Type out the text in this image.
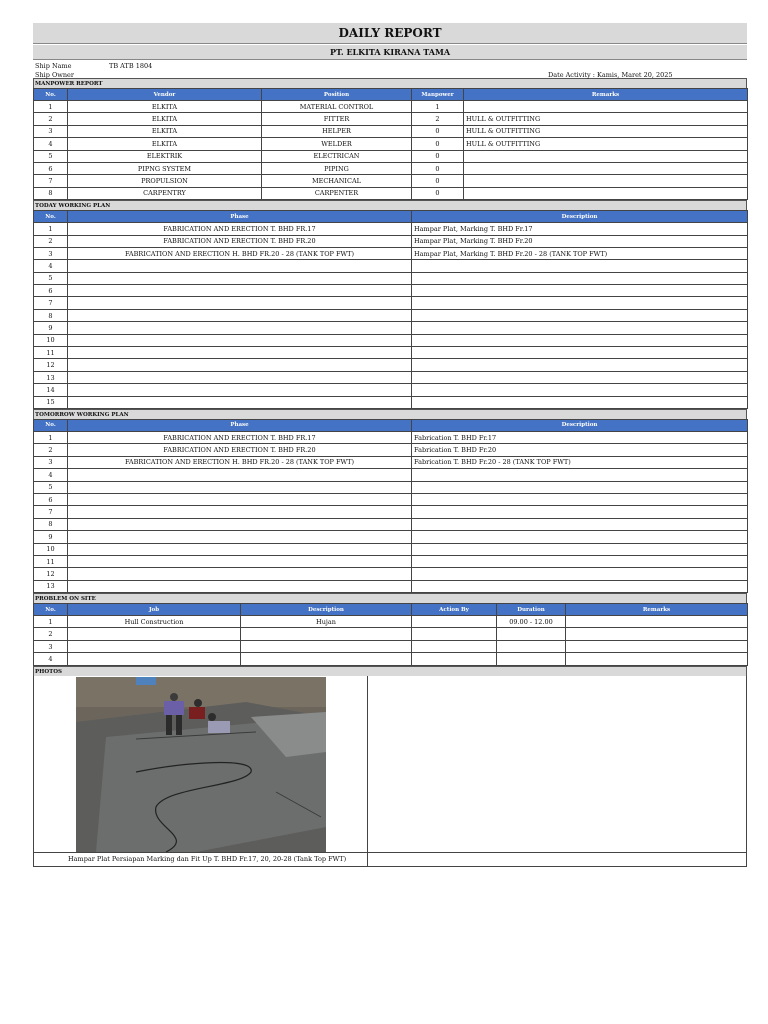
DAILY REPORT
PT. ELKITA KIRANA TAMA
Ship Name	TB ATB 1804
Ship Owner	Date Activity : Kamis, Maret 20, 2025
MANPOWER REPORT
No.	Vendor	Position	Manpower	Remarks
1	ELKITA	MATERIAL CONTROL	1	
2	ELKITA	FITTER	2	HULL & OUTFITTING
3	ELKITA	HELPER	0	HULL & OUTFITTING
4	ELKITA	WELDER	0	HULL & OUTFITTING
5	ELEKTRIK	ELECTRICAN	0	
6	PIPNG SYSTEM	PIPING	0	
7	PROPULSION	MECHANICAL	0	
8	CARPENTRY	CARPENTER	0	
TODAY WORKING PLAN
No.	Phase	Description
1	FABRICATION AND ERECTION T. BHD FR.17	Hampar Plat, Marking T. BHD Fr.17
2	FABRICATION AND ERECTION T. BHD FR.20	Hampar Plat, Marking T. BHD Fr.20
3	FABRICATION AND ERECTION H. BHD FR.20 - 28 (TANK TOP FWT)	Hampar Plat, Marking T. BHD Fr.20 - 28 (TANK TOP FWT)
4		
5		
6		
7		
8		
9		
10		
11		
12		
13		
14		
15		
TOMORROW WORKING PLAN
No.	Phase	Description
1	FABRICATION AND ERECTION T. BHD FR.17	Fabrication T. BHD Fr.17
2	FABRICATION AND ERECTION T. BHD FR.20	Fabrication T. BHD Fr.20
3	FABRICATION AND ERECTION H. BHD FR.20 - 28 (TANK TOP FWT)	Fabrication T. BHD Fr.20 - 28 (TANK TOP FWT)
4		
5		
6		
7		
8		
9		
10		
11		
12		
13		
PROBLEM ON SITE
No.	Job	Description	Action By	Duration	Remarks
1	Hull Construction	Hujan		09.00 - 12.00	
2					
3					
4					
PHOTOS
Hampar Plat Persiapan Marking dan Fit Up T. BHD Fr.17, 20, 20-28 (Tank Top FWT)
